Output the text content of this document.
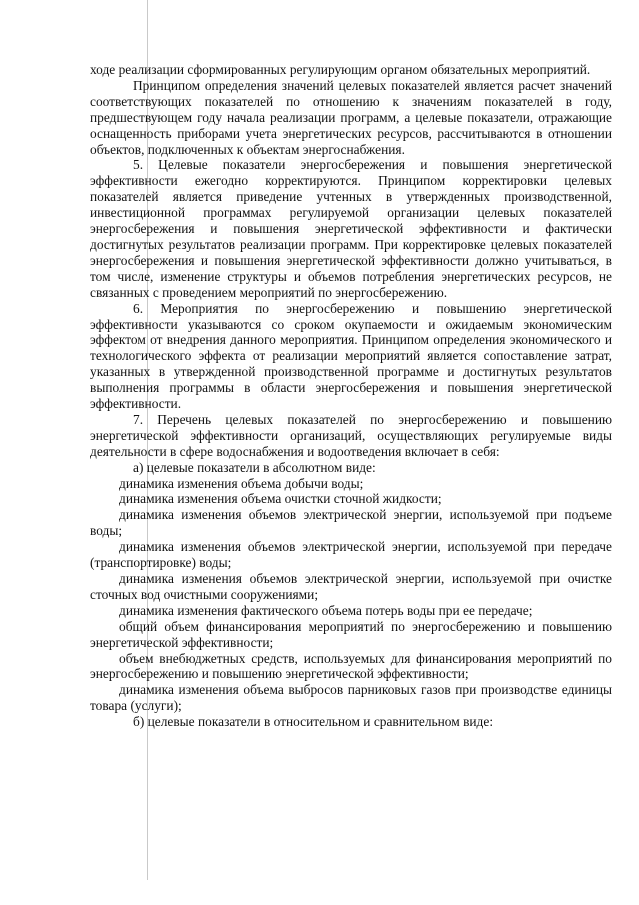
ходе реализации сформированных регулирующим органом обязательных мероприятий.

Принципом определения значений целевых показателей является расчет значений соответствующих показателей по отношению к значениям показателей в году, предшествующем году начала реализации программ, а целевые показатели, отражающие оснащенность приборами учета энергетических ресурсов, рассчитываются в отношении объектов, подключенных к объектам энергоснабжения.

5. Целевые показатели энергосбережения и повышения энергетической эффективности ежегодно корректируются. Принципом корректировки целевых показателей является приведение учтенных в утвержденных производственной, инвестиционной программах регулируемой организации целевых показателей энергосбережения и повышения энергетической эффективности и фактически достигнутых результатов реализации программ. При корректировке целевых показателей энергосбережения и повышения энергетической эффективности должно учитываться, в том числе, изменение структуры и объемов потребления энергетических ресурсов, не связанных с проведением мероприятий по энергосбережению.

6. Мероприятия по энергосбережению и повышению энергетической эффективности указываются со сроком окупаемости и ожидаемым экономическим эффектом от внедрения данного мероприятия. Принципом определения экономического и технологического эффекта от реализации мероприятий является сопоставление затрат, указанных в утвержденной производственной программе и достигнутых результатов выполнения программы в области энергосбережения и повышения энергетической эффективности.

7. Перечень целевых показателей по энергосбережению и повышению энергетической эффективности организаций, осуществляющих регулируемые виды деятельности в сфере водоснабжения и водоотведения включает в себя:

а) целевые показатели в абсолютном виде:

динамика изменения объема добычи воды;

динамика изменения объема очистки сточной жидкости;

динамика изменения объемов электрической энергии, используемой при подъеме воды;

динамика изменения объемов электрической энергии, используемой при передаче (транспортировке) воды;

динамика изменения объемов электрической энергии, используемой при очистке сточных вод очистными сооружениями;

динамика изменения фактического объема потерь воды при ее передаче;

общий объем финансирования мероприятий по энергосбережению и повышению энергетической эффективности;

объем внебюджетных средств, используемых для финансирования мероприятий по энергосбережению и повышению энергетической эффективности;

динамика изменения объема выбросов парниковых газов при производстве единицы товара (услуги);

б) целевые показатели в относительном и сравнительном виде:
